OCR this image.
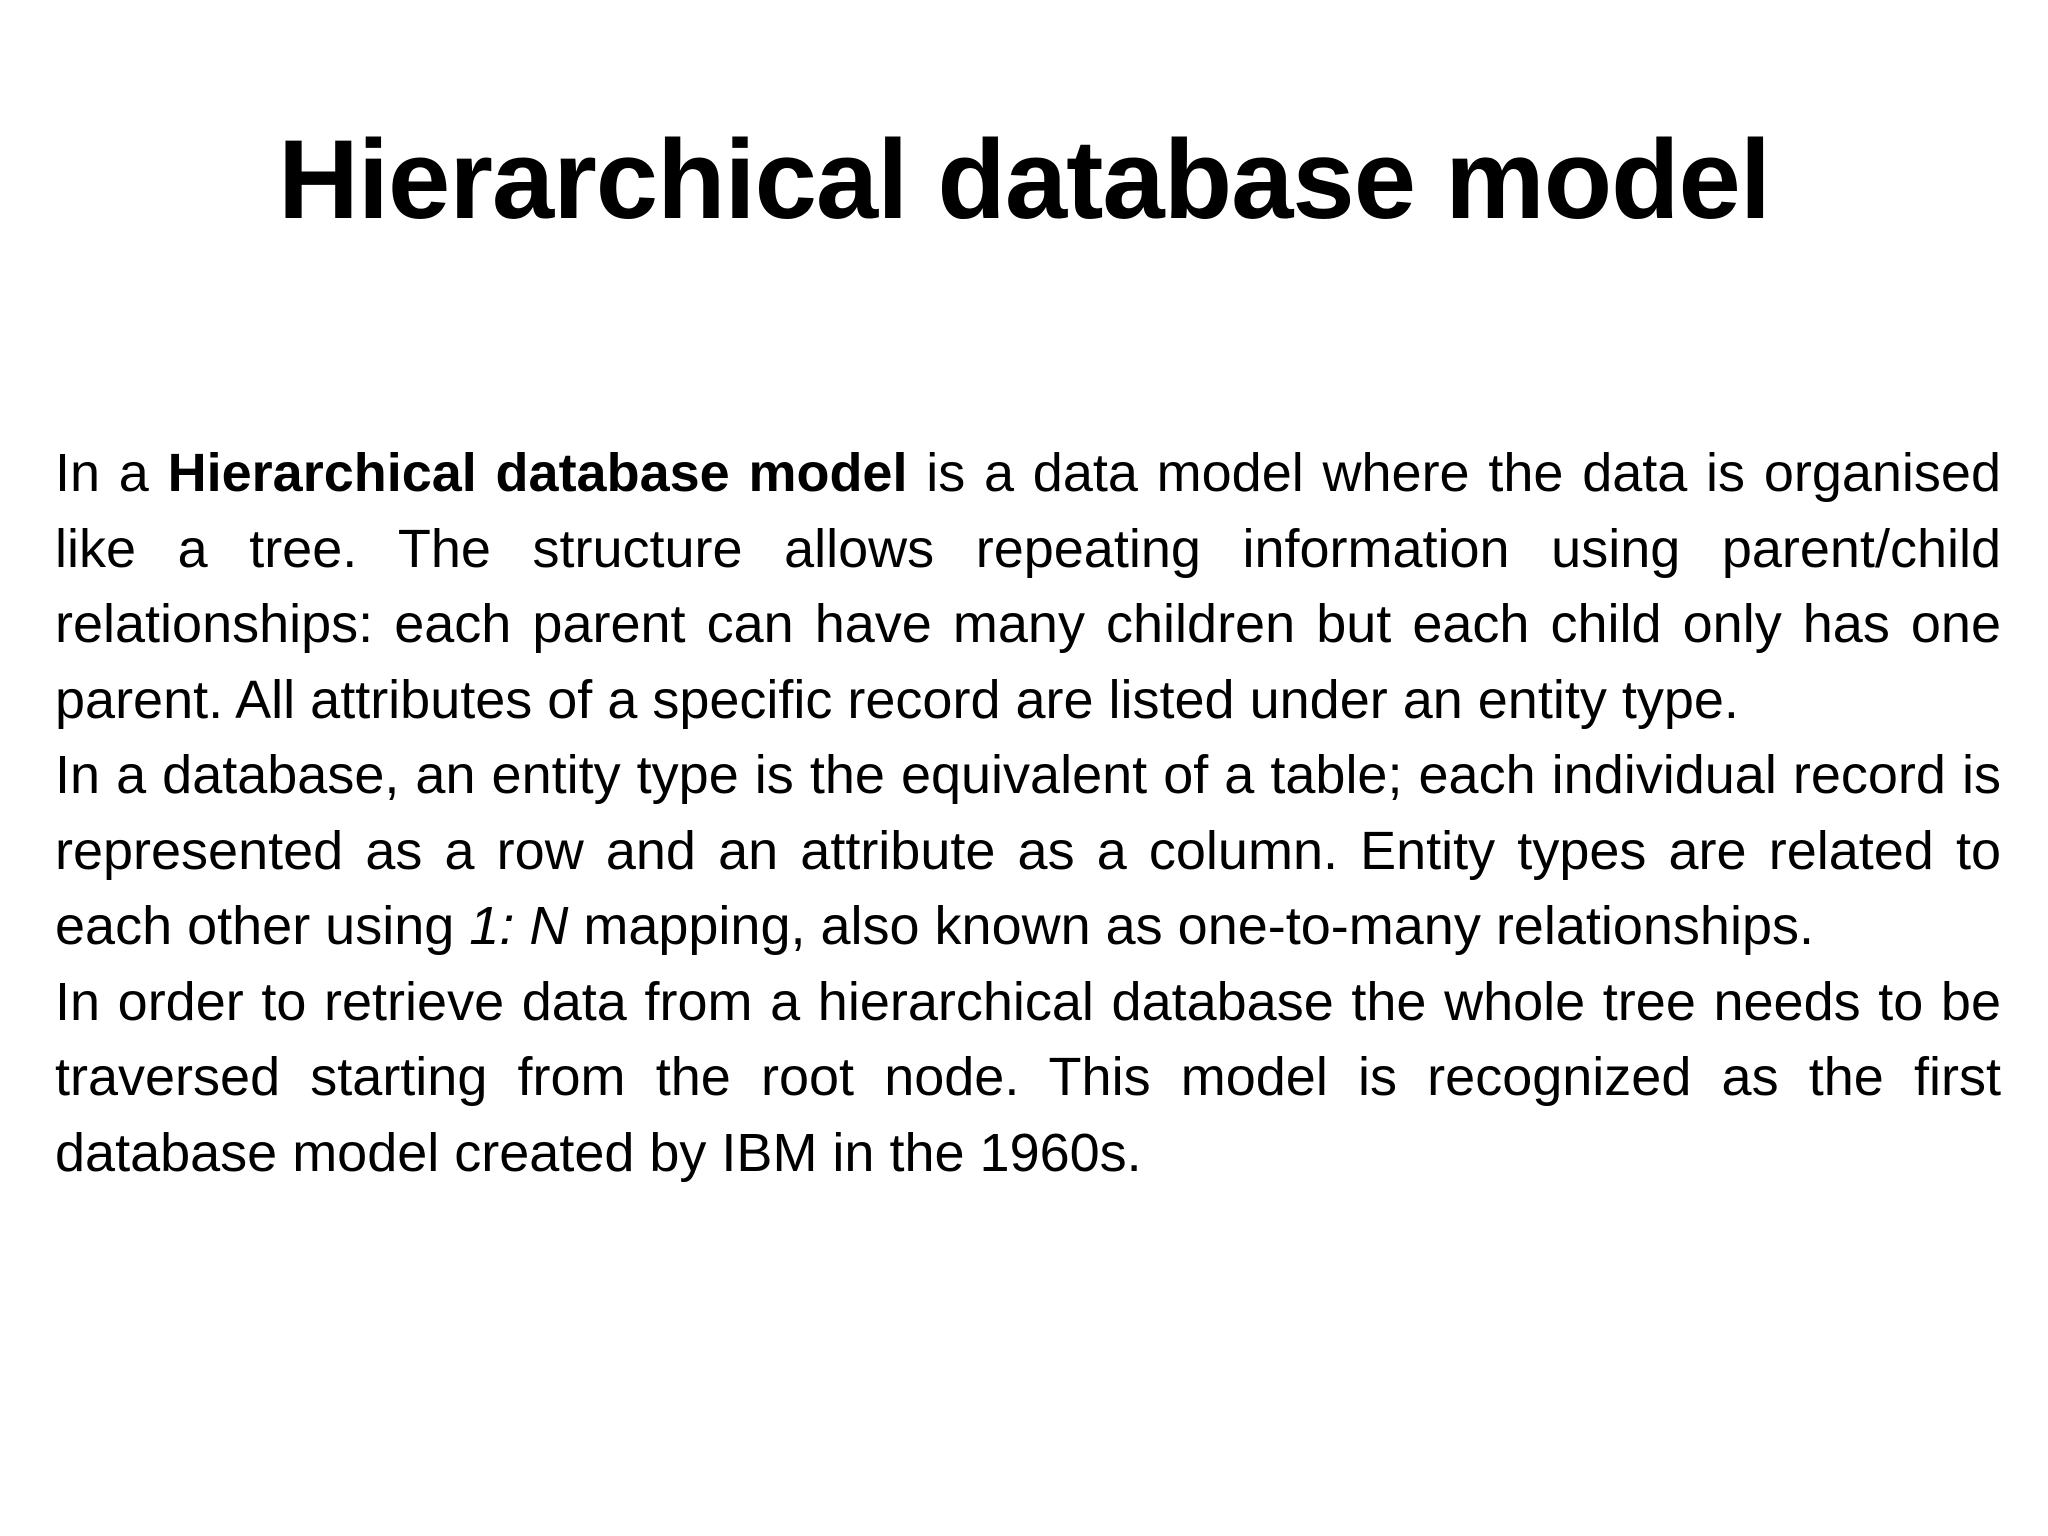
Hierarchical database model

In a Hierarchical database model is a data model where the data is organised like a tree. The structure allows repeating information using parent/child relationships: each parent can have many children but each child only has one parent. All attributes of a specific record are listed under an entity type.

In a database, an entity type is the equivalent of a table; each individual record is represented as a row and an attribute as a column. Entity types are related to each other using 1: N mapping, also known as one-to-many relationships.

In order to retrieve data from a hierarchical database the whole tree needs to be traversed starting from the root node. This model is recognized as the first database model created by IBM in the 1960s.
